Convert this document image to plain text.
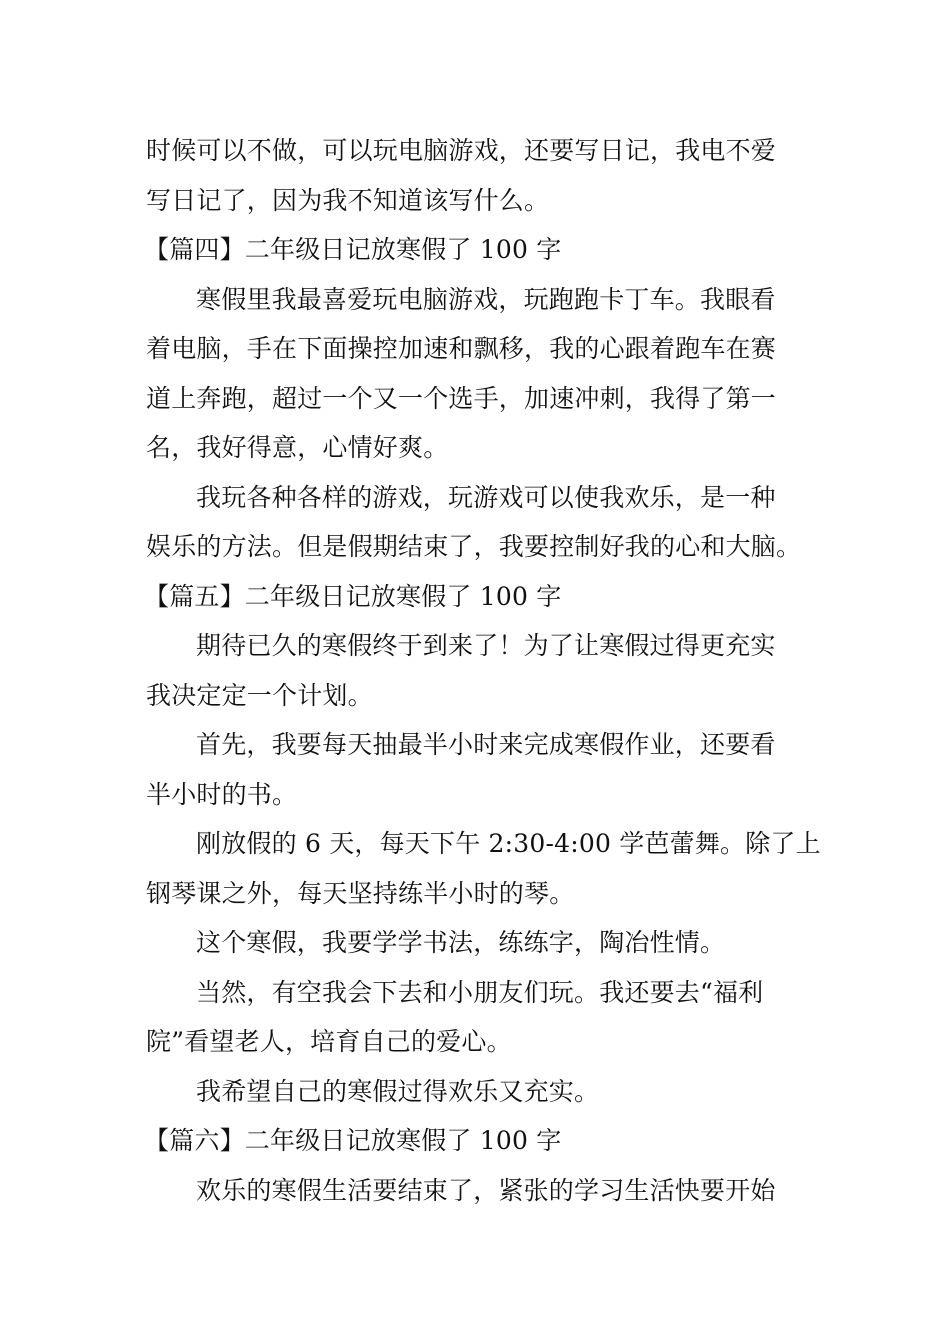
时候可以不做，可以玩电脑游戏，还要写日记，我电不爱
写日记了，因为我不知道该写什么。
【篇四】二年级日记放寒假了 100 字
寒假里我最喜爱玩电脑游戏，玩跑跑卡丁车。我眼看
着电脑，手在下面操控加速和飘移，我的心跟着跑车在赛
道上奔跑，超过一个又一个选手，加速冲刺，我得了第一
名，我好得意，心情好爽。
我玩各种各样的游戏，玩游戏可以使我欢乐，是一种
娱乐的方法。但是假期结束了，我要控制好我的心和大脑。
【篇五】二年级日记放寒假了 100 字
期待已久的寒假终于到来了！为了让寒假过得更充实
我决定定一个计划。
首先，我要每天抽最半小时来完成寒假作业，还要看
半小时的书。
刚放假的 6 天，每天下午 2:30-4:00 学芭蕾舞。除了上
钢琴课之外，每天坚持练半小时的琴。
这个寒假，我要学学书法，练练字，陶冶性情。
当然，有空我会下去和小朋友们玩。我还要去“福利
院”看望老人，培育自己的爱心。
我希望自己的寒假过得欢乐又充实。
【篇六】二年级日记放寒假了 100 字
欢乐的寒假生活要结束了，紧张的学习生活快要开始
